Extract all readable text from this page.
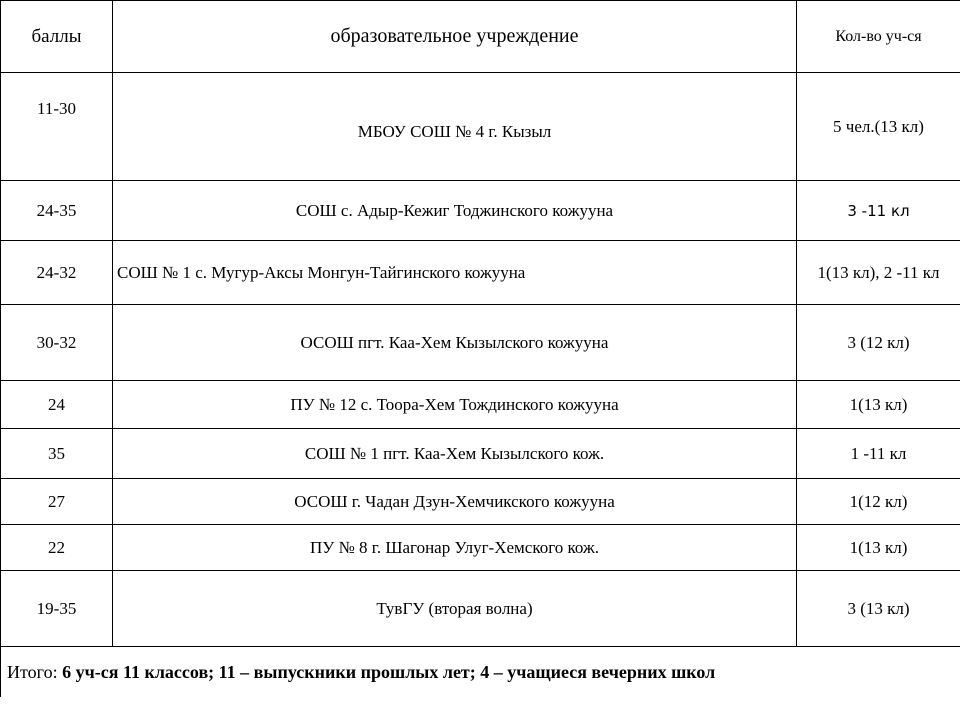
баллы	образовательное учреждение	Кол-во уч-ся
11-30	МБОУ СОШ № 4 г. Кызыл	5 чел.(13 кл)
24-35	СОШ с. Адыр-Кежиг Тоджинского кожууна	3 -11 кл
24-32	СОШ № 1 с. Мугур-Аксы Монгун-Тайгинского кожууна	1(13 кл), 2 -11 кл
30-32	ОСОШ пгт. Каа-Хем Кызылского кожууна	3 (12 кл)
24	ПУ № 12 с. Тоора-Хем Тождинского кожууна	1(13 кл)
35	СОШ № 1 пгт. Каа-Хем Кызылского кож.	1 -11 кл
27	ОСОШ г. Чадан Дзун-Хемчикского кожууна	1(12 кл)
22	ПУ № 8 г. Шагонар Улуг-Хемского кож.	1(13 кл)
19-35	ТувГУ (вторая волна)	3 (13 кл)
Итого: 6 уч-ся 11 классов; 11 – выпускники прошлых лет; 4 – учащиеся вечерних школ		
